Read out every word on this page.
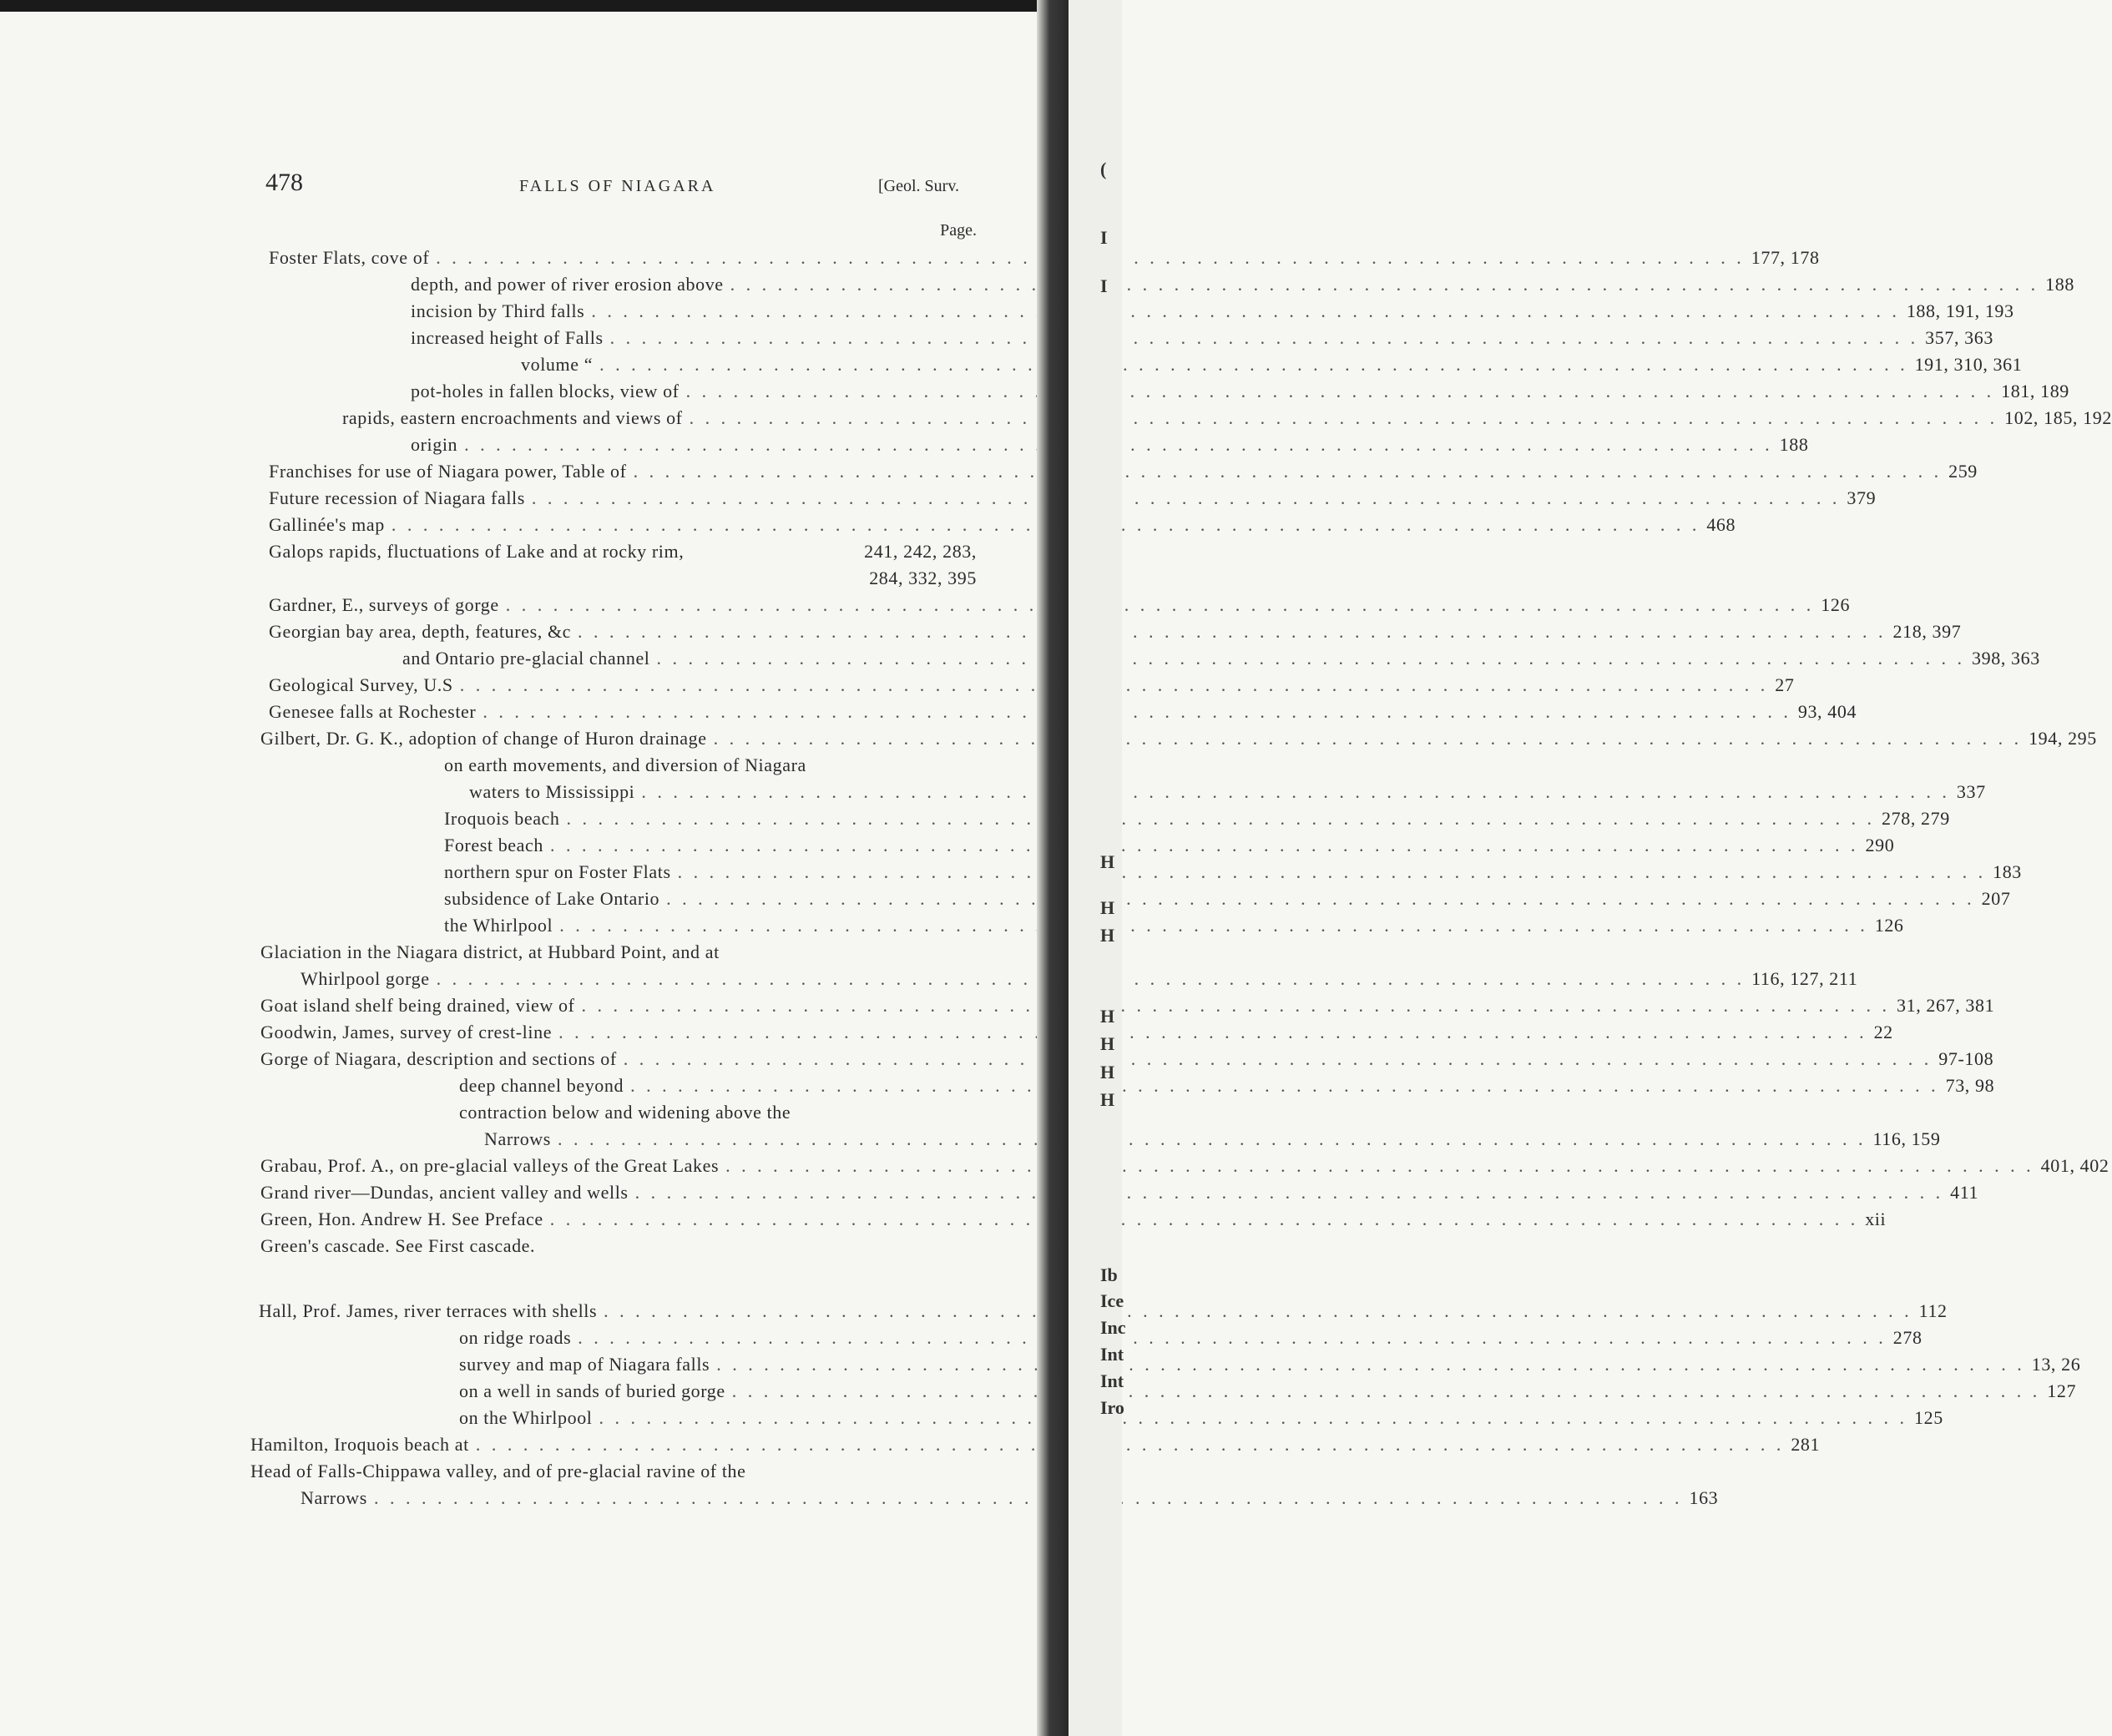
478	FALLS OF NIAGARA	[Geol. Surv.
Page.
Foster Flats, cove of . . .	177, 178
depth, and power of river erosion above . . .	188
incision by Third falls . . .	188, 191, 193
increased height of Falls . . .	357, 363
volume “ . . .	191, 310, 361
pot-holes in fallen blocks, view of . . .	181, 189
rapids, eastern encroachments and views of . . .	102, 185, 192
origin . . .	188
Franchises for use of Niagara power, Table of . . .	259
Future recession of Niagara falls . . .	379
Gallinée's map . . .	468
Galops rapids, fluctuations of Lake and at rocky rim,	241, 242, 283,
284, 332, 395
Gardner, E., surveys of gorge . . .	126
Georgian bay area, depth, features, &c . . .	218, 397
and Ontario pre-glacial channel . . .	398, 363
Geological Survey, U.S . . .	27
Genesee falls at Rochester . . .	93, 404
Gilbert, Dr. G. K., adoption of change of Huron drainage . . .	194, 295
on earth movements, and diversion of Niagara
waters to Mississippi . . .	337
Iroquois beach . . .	278, 279
Forest beach . . .	290
northern spur on Foster Flats . . .	183
subsidence of Lake Ontario . . .	207
the Whirlpool . . .	126
Glaciation in the Niagara district, at Hubbard Point, and at
Whirlpool gorge . . .	116, 127, 211
Goat island shelf being drained, view of . . .	31, 267, 381
Goodwin, James, survey of crest-line . . .	22
Gorge of Niagara, description and sections of . . .	97-108
deep channel beyond . . .	73, 98
contraction below and widening above the
Narrows . . .	116, 159
Grabau, Prof. A., on pre-glacial valleys of the Great Lakes . . .	401, 402
Grand river—Dundas, ancient valley and wells . . .	411
Green, Hon. Andrew H. See Preface . . .	xii
Green's cascade. See First cascade.
Hall, Prof. James, river terraces with shells . . .	112
on ridge roads . . .	278
survey and map of Niagara falls . . .	13, 26
on a well in sands of buried gorge . . .	127
on the Whirlpool . . .	125
Hamilton, Iroquois beach at . . .	281
Head of Falls-Chippawa valley, and of pre-glacial ravine of the
Narrows . . .	163
(
I
I
H
H
H
H
H
H
H
Ib
Ice
Inc
Int
Int
Iro
